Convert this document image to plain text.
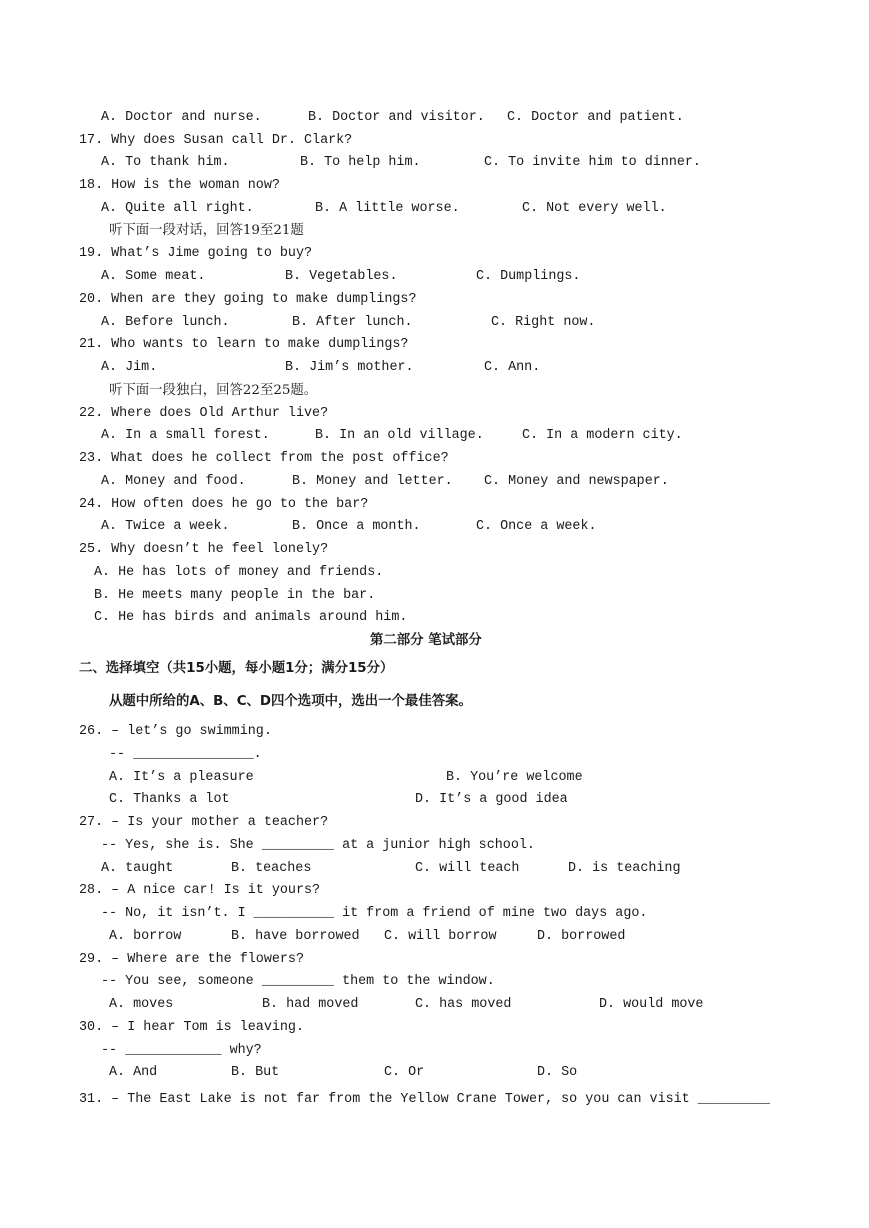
A. Doctor and nurse.

	B. Doctor and visitor.

C. Doctor and patient.

17. Why does Susan call Dr. Clark?

A. To thank him.

	B. To help him.

	C. To invite him to dinner.

18. How is the woman now?

A. Quite all right.

	B. A little worse.

	C. Not every well.

听下面一段对话，回答19至21题
19. What’s Jime going to buy?

A. Some meat.

	B. Vegetables.

	C. Dumplings.

20. When are they going to make dumplings?

A. Before lunch.

	B. After lunch.

	C. Right now.

21. Who wants to learn to make dumplings?

A. Jim.

	B. Jim’s mother.

	C. Ann.

听下面一段独白，回答22至25题。
22. Where does Old Arthur live?

A. In a small forest.

	B. In an old village.

	C. In a modern city.

23. What does he collect from the post office?

A. Money and food.

	B. Money and letter.

C. Money and newspaper.

24. How often does he go to the bar?

A. Twice a week.

	B. Once a month.

	C. Once a week.

25. Why doesn’t he feel lonely?
A. He has lots of money and friends.
B. He meets many people in the bar.
C. He has birds and animals around him.
第二部分 笔试部分
二、选择填空（共15小题，每小题1分；满分15分）
从题中所给的A、B、C、D四个选项中，选出一个最佳答案。
26. – let’s go swimming.
-- _______________.

A. It’s a pleasure

	B. You’re welcome

C. Thanks a lot

	D. It’s a good idea

27. – Is your mother a teacher?
-- Yes, she is. She _________ at a junior high school.

A. taught

	B. teaches

	C. will teach

	D. is teaching

28. – A nice car! Is it yours?
-- No, it isn’t. I __________ it from a friend of mine two days ago.

A. borrow

	B. have borrowed

C. will borrow

	D. borrowed

29. – Where are the flowers?
-- You see, someone _________ them to the window.

A. moves

	B. had moved

	C. has moved

	D. would move

30. – I hear Tom is leaving.
-- ____________ why?

A. And

	B. But

	C. Or

	D. So

31. – The East Lake is not far from the Yellow Crane Tower, so you can visit _________
